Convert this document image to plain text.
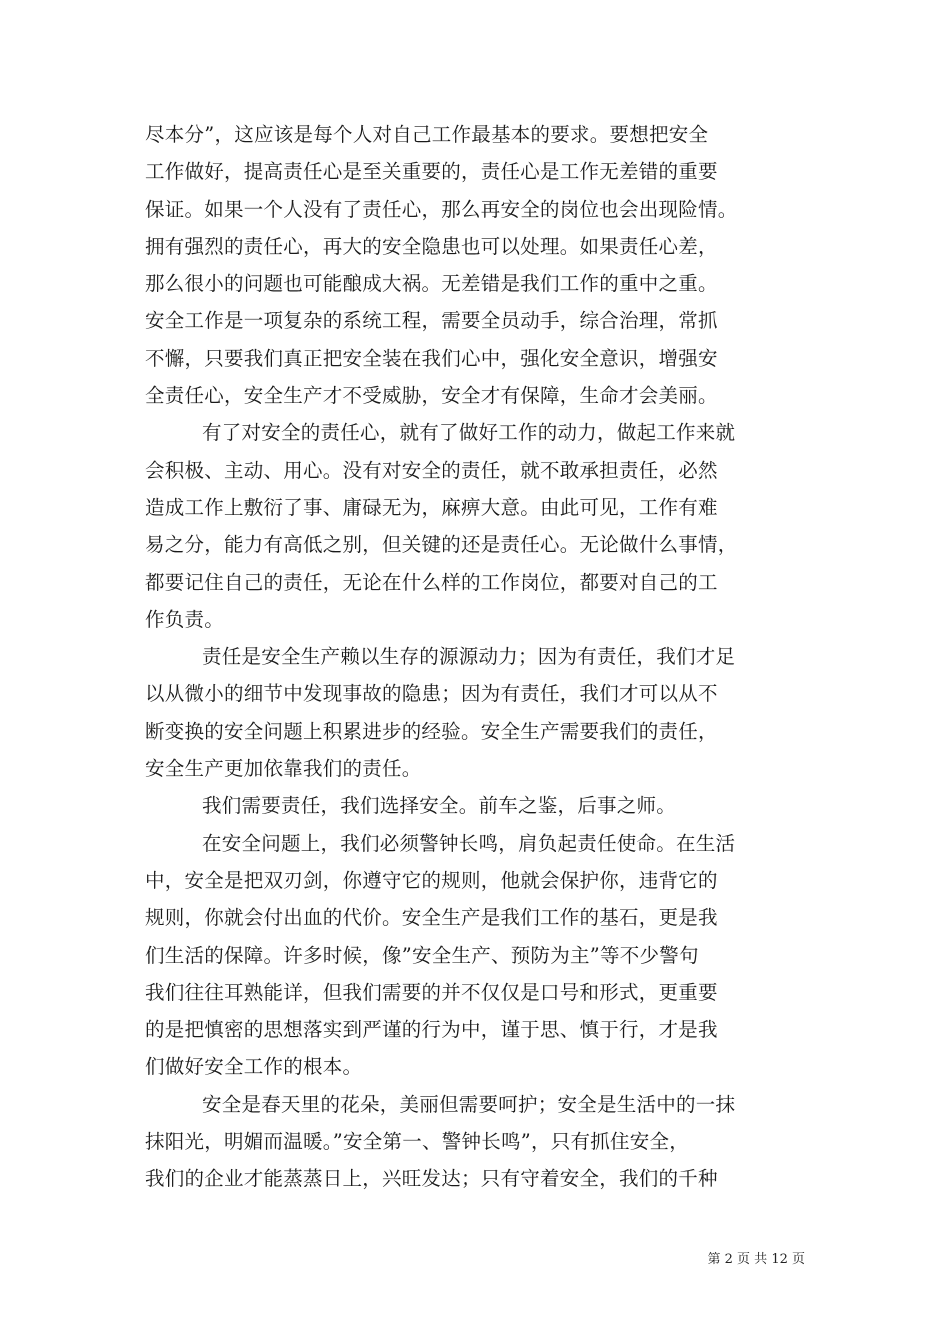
尽本分”，这应该是每个人对自己工作最基本的要求。要想把安全
工作做好，提高责任心是至关重要的，责任心是工作无差错的重要
保证。如果一个人没有了责任心，那么再安全的岗位也会出现险情。
拥有强烈的责任心，再大的安全隐患也可以处理。如果责任心差，
那么很小的问题也可能酿成大祸。无差错是我们工作的重中之重。
安全工作是一项复杂的系统工程，需要全员动手，综合治理，常抓
不懈，只要我们真正把安全装在我们心中，强化安全意识，增强安
全责任心，安全生产才不受威胁，安全才有保障，生命才会美丽。
有了对安全的责任心，就有了做好工作的动力，做起工作来就
会积极、主动、用心。没有对安全的责任，就不敢承担责任，必然
造成工作上敷衍了事、庸碌无为，麻痹大意。由此可见，工作有难
易之分，能力有高低之别，但关键的还是责任心。无论做什么事情，
都要记住自己的责任，无论在什么样的工作岗位，都要对自己的工
作负责。
责任是安全生产赖以生存的源源动力；因为有责任，我们才足
以从微小的细节中发现事故的隐患；因为有责任，我们才可以从不
断变换的安全问题上积累进步的经验。安全生产需要我们的责任，
安全生产更加依靠我们的责任。
我们需要责任，我们选择安全。前车之鉴，后事之师。
在安全问题上，我们必须警钟长鸣，肩负起责任使命。在生活
中，安全是把双刃剑，你遵守它的规则，他就会保护你，违背它的
规则，你就会付出血的代价。安全生产是我们工作的基石，更是我
们生活的保障。许多时候，像”安全生产、预防为主”等不少警句
我们往往耳熟能详，但我们需要的并不仅仅是口号和形式，更重要
的是把慎密的思想落实到严谨的行为中，谨于思、慎于行，才是我
们做好安全工作的根本。
安全是春天里的花朵，美丽但需要呵护；安全是生活中的一抹
抹阳光，明媚而温暖。”安全第一、警钟长鸣”，只有抓住安全，
我们的企业才能蒸蒸日上，兴旺发达；只有守着安全，我们的千种
第 2 页 共 12 页
